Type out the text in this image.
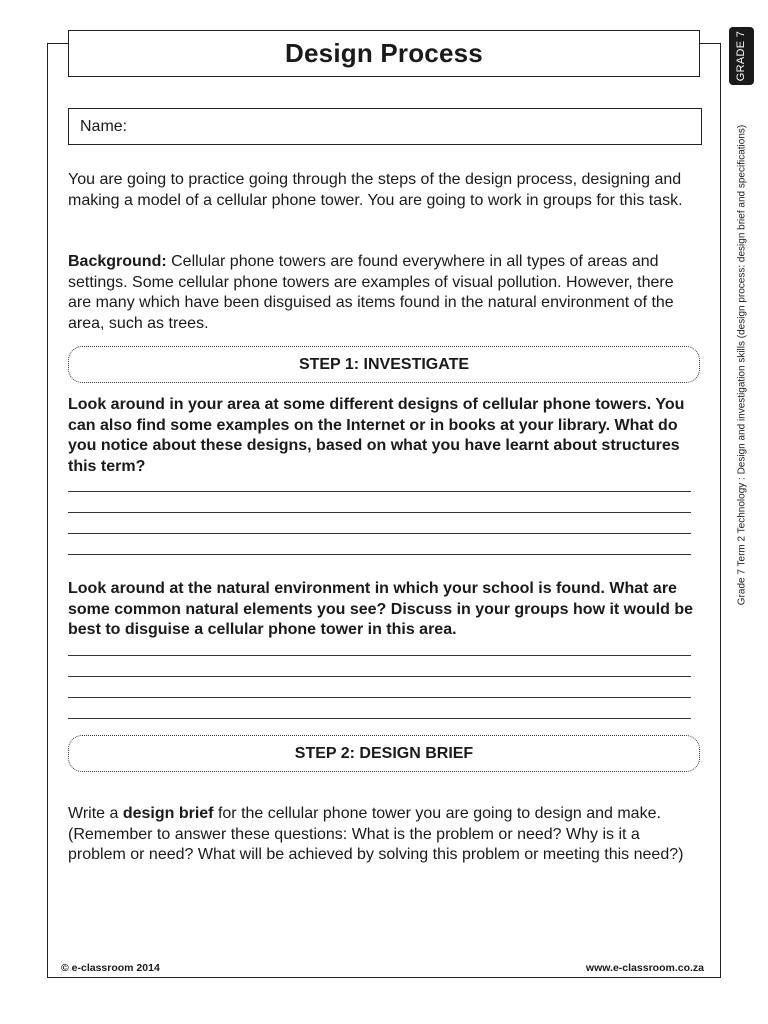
Design Process
Name:

You are going to practice going through the steps of the design process, designing and making a model of a cellular phone tower. You are going to work in groups for this task.

Background: Cellular phone towers are found everywhere in all types of areas and settings. Some cellular phone towers are examples of visual pollution. However, there are many which have been disguised as items found in the natural environment of the area, such as trees.

STEP 1: INVESTIGATE

Look around in your area at some different designs of cellular phone towers. You can also find some examples on the Internet or in books at your library. What do you notice about these designs, based on what you have learnt about structures this term?

Look around at the natural environment in which your school is found. What are some common natural elements you see? Discuss in your groups how it would be best to disguise a cellular phone tower in this area.

STEP 2: DESIGN BRIEF

Write a design brief for the cellular phone tower you are going to design and make. (Remember to answer these questions: What is the problem or need? Why is it a problem or need? What will be achieved by solving this problem or meeting this need?)

© e-classroom 2014	www.e-classroom.co.za
GRADE 7
Grade 7 Term 2 Technology : Design and investigation skills (design process: design brief and specifications)
